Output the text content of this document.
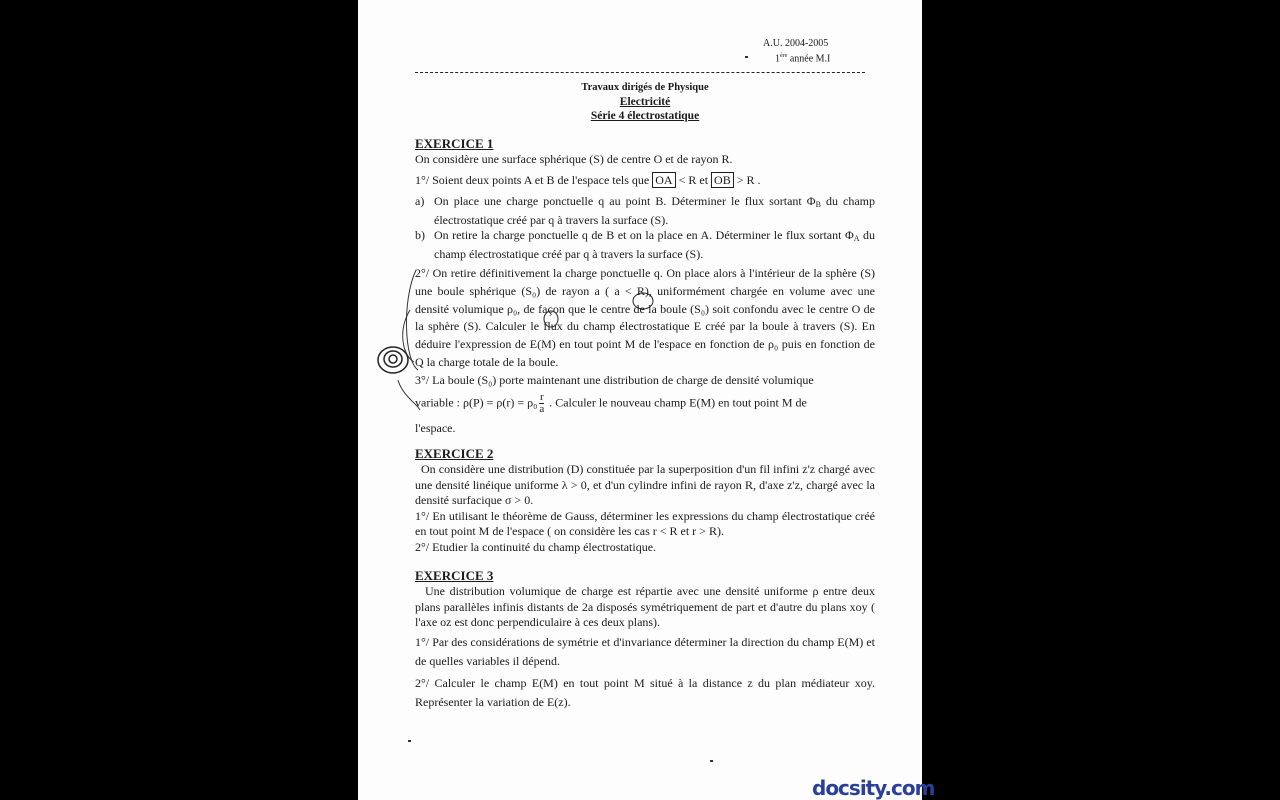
A.U. 2004-2005
1ère année M.I
Travaux dirigés de Physique
Electricité
Série 4 électrostatique
EXERCICE 1
On considère une surface sphérique (S) de centre O et de rayon R.
1°/ Soient deux points A et B de l'espace tels que $\overline{OA} < R$ et $\overline{OB} > R$ .
a) On place une charge ponctuelle q au point B. Déterminer le flux sortant $\Phi_B$ du champ électrostatique créé par q à travers la surface (S).
b) On retire la charge ponctuelle q de B et on la place en A. Déterminer le flux sortant $\Phi_A$ du champ électrostatique créé par q à travers la surface (S).
2°/ On retire définitivement la charge ponctuelle q. On place alors à l'intérieur de la sphère (S) une boule sphérique (S₀) de rayon a ( a < R), uniformément chargée en volume avec une densité volumique ρ₀, de façon que le centre de la boule (S₀) soit confondu avec le centre O de la sphère (S). Calculer le flux du champ électrostatique E créé par la boule à travers (S). En déduire l'expression de E(M) en tout point M de l'espace en fonction de ρ₀ puis en fonction de Q la charge totale de la boule.
3°/ La boule (S₀) porte maintenant une distribution de charge de densité volumique
variable : $\rho(P) = \rho(r) = \rho_0 \frac{r}{a}$ . Calculer le nouveau champ E(M) en tout point M de
l'espace.
EXERCICE 2
On considère une distribution (D) constituée par la superposition d'un fil infini z'z chargé avec une densité linéique uniforme λ > 0, et d'un cylindre infini de rayon R, d'axe z'z, chargé avec la densité surfacique σ > 0.
1°/ En utilisant le théorème de Gauss, déterminer les expressions du champ électrostatique créé en tout point M de l'espace ( on considère les cas r < R et r > R).
2°/ Etudier la continuité du champ électrostatique.
EXERCICE 3
Une distribution volumique de charge est répartie avec une densité uniforme ρ entre deux plans parallèles infinis distants de 2a disposés symétriquement de part et d'autre du plans xoy ( l'axe oz est donc perpendiculaire à ces deux plans).
1°/ Par des considérations de symétrie et d'invariance déterminer la direction du champ E(M) et de quelles variables il dépend.
2°/ Calculer le champ E(M) en tout point M situé à la distance z du plan médiateur xoy. Représenter la variation de E(z).
docsity.com
